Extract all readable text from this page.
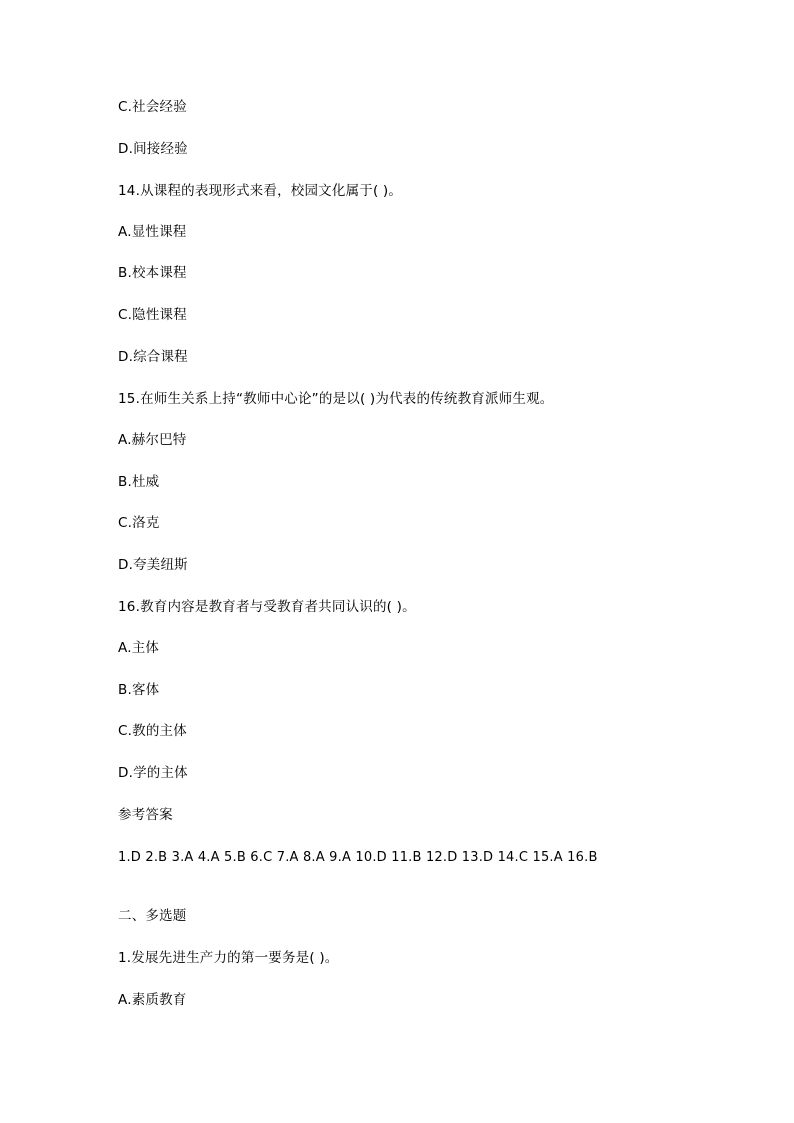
C.社会经验
D.间接经验
14.从课程的表现形式来看，校园文化属于( )。
A.显性课程
B.校本课程
C.隐性课程
D.综合课程
15.在师生关系上持“教师中心论”的是以( )为代表的传统教育派师生观。
A.赫尔巴特
B.杜威
C.洛克
D.夸美纽斯
16.教育内容是教育者与受教育者共同认识的( )。
A.主体
B.客体
C.教的主体
D.学的主体
参考答案
1.D 2.B 3.A 4.A 5.B 6.C 7.A 8.A 9.A 10.D 11.B 12.D 13.D 14.C 15.A 16.B
二、多选题
1.发展先进生产力的第一要务是( )。
A.素质教育
